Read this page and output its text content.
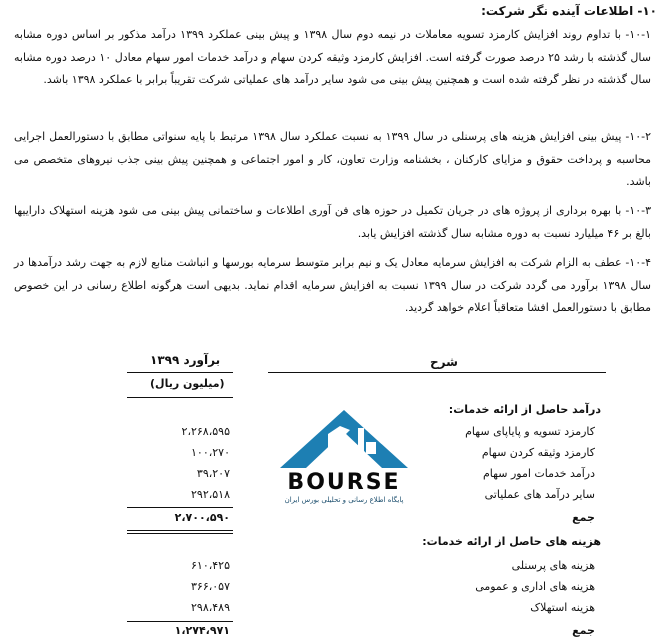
۱۰- اطلاعات آینده نگر شرکت:
۱۰-۱- با تداوم روند افزایش کارمزد تسویه معاملات در نیمه دوم سال ۱۳۹۸ و پیش بینی عملکرد ۱۳۹۹ درآمد مذکور بر اساس دوره مشابه سال گذشته با رشد ۲۵ درصد صورت گرفته است. افزایش کارمزد وثیقه کردن سهام و درآمد خدمات امور سهام معادل ۱۰ درصد دوره مشابه سال گذشته در نظر گرفته شده است و همچنین پیش بینی می شود سایر درآمد های عملیاتی شرکت تقریباً برابر با عملکرد ۱۳۹۸ باشد.
۱۰-۲- پیش بینی افزایش هزینه های پرسنلی در سال ۱۳۹۹ به نسبت عملکرد سال ۱۳۹۸ مرتبط با پایه سنواتی مطابق با دستورالعمل اجرایی محاسبه و پرداخت حقوق و مزایای کارکنان ، بخشنامه وزارت تعاون، کار و امور اجتماعی و همچنین پیش بینی جذب نیروهای متخصص می باشد.
۱۰-۳- با بهره برداری از پروژه های در جریان تکمیل در حوزه های فن آوری اطلاعات و ساختمانی پیش بینی می شود هزینه استهلاک داراییها بالغ بر ۴۶ میلیارد نسبت به دوره مشابه سال گذشته افزایش یابد.
۱۰-۴- عطف به الزام شرکت به افزایش سرمایه معادل یک و نیم برابر متوسط سرمایه بورسها و انباشت منابع لازم به جهت رشد درآمدها در سال ۱۳۹۸ برآورد می گردد شرکت در سال ۱۳۹۹ نسبت به افزایش سرمایه اقدام نماید. بدیهی است هرگونه اطلاع رسانی در این خصوص مطابق با دستورالعمل افشا متعاقباً اعلام خواهد گردید.
برآورد ۱۳۹۹	شرح
(میلیون ریال)
درآمد حاصل از ارائه خدمات:
کارمزد تسویه و پایاپای سهام
۲،۲۶۸،۵۹۵
کارمزد وثیقه کردن سهام
۱۰۰،۲۷۰
درآمد خدمات امور سهام
۳۹،۲۰۷
سایر درآمد های عملیاتی
۲۹۲،۵۱۸
جمع
۲،۷۰۰،۵۹۰
هزینه های حاصل از ارائه خدمات:
هزینه های پرسنلی
۶۱۰،۴۲۵
هزینه های اداری و عمومی
۳۶۶،۰۵۷
هزینه استهلاک
۲۹۸،۴۸۹
جمع
۱،۲۷۴،۹۷۱
BOURSE
پایگاه اطلاع رسانی و تحلیلی بورس ایران
